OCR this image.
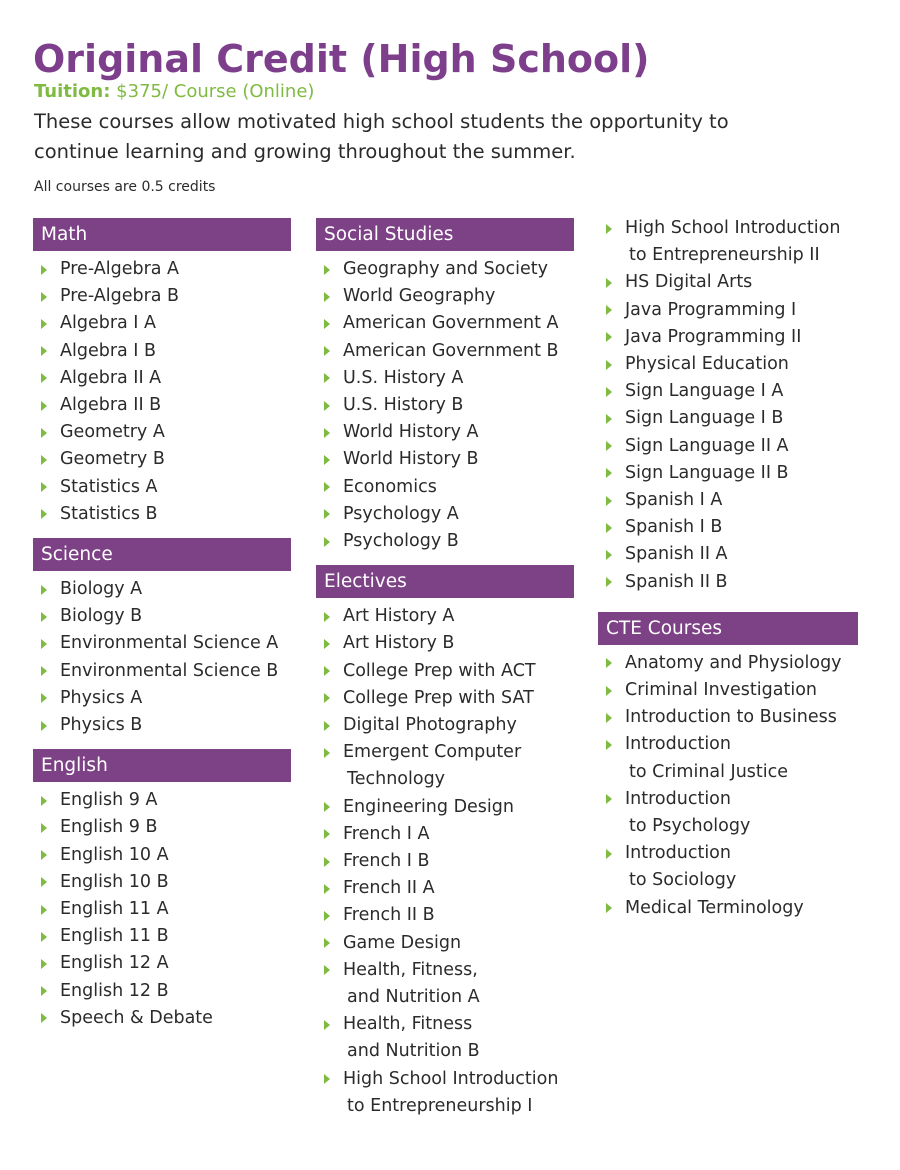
Original Credit (High School)
Tuition: $375/ Course (Online)

These courses allow motivated high school students the opportunity to continue learning and growing throughout the summer.

All courses are 0.5 credits
Math
Pre-Algebra A
Pre-Algebra B
Algebra I A
Algebra I B
Algebra II A
Algebra II B
Geometry A
Geometry B
Statistics A
Statistics B
Science
Biology A
Biology B
Environmental Science A
Environmental Science B
Physics A
Physics B
English
English 9 A
English 9 B
English 10 A
English 10 B
English 11 A
English 11 B
English 12 A
English 12 B
Speech & Debate
Social Studies
Geography and Society
World Geography
American Government A
American Government B
U.S. History A
U.S. History B
World History A
World History B
Economics
Psychology A
Psychology B
Electives
Art History A
Art History B
College Prep with ACT
College Prep with SAT
Digital Photography
Emergent Computer
Technology
Engineering Design
French I A
French I B
French II A
French II B
Game Design
Health, Fitness,
and Nutrition A
Health, Fitness
and Nutrition B
High School Introduction
to Entrepreneurship I
High School Introduction
to Entrepreneurship II
HS Digital Arts
Java Programming I
Java Programming II
Physical Education
Sign Language I A
Sign Language I B
Sign Language II A
Sign Language II B
Spanish I A
Spanish I B
Spanish II A
Spanish II B
CTE Courses
Anatomy and Physiology
Criminal Investigation
Introduction to Business
Introduction
to Criminal Justice
Introduction
to Psychology
Introduction
to Sociology
Medical Terminology
